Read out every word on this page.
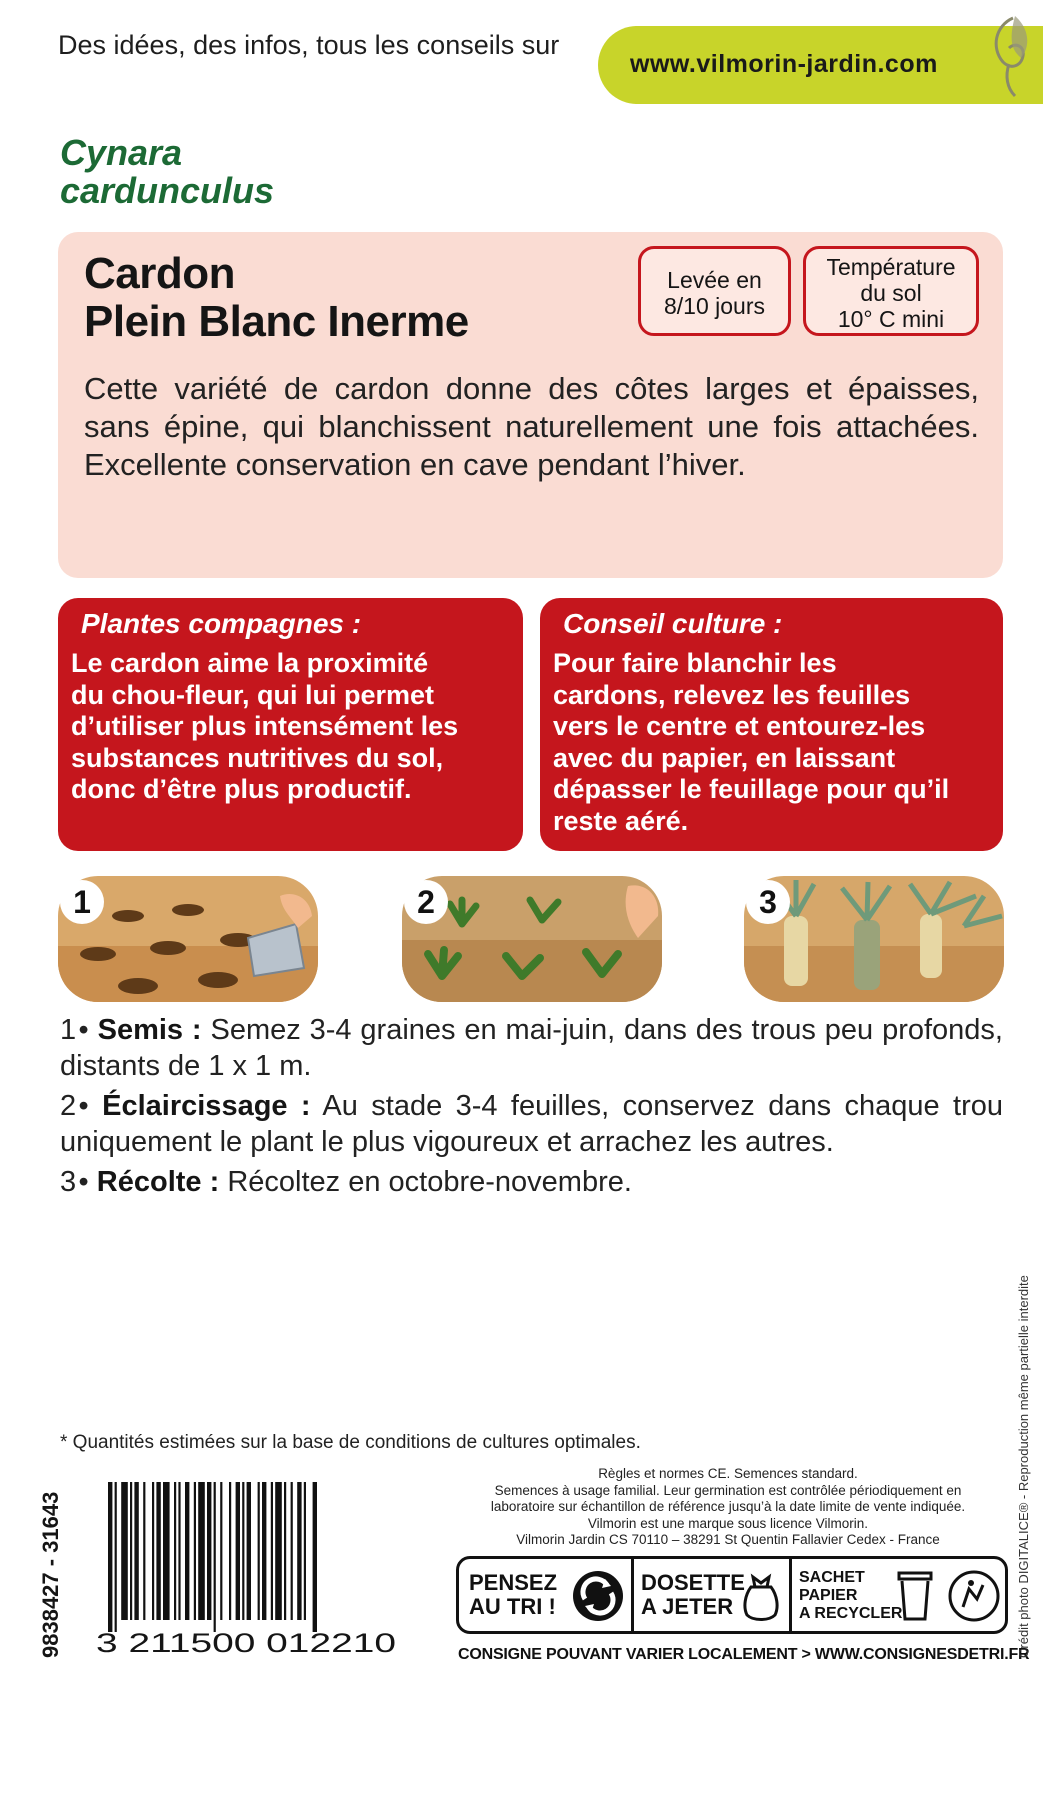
Des idées, des infos, tous les conseils sur
www.vilmorin-jardin.com
Cynara
cardunculus
Cardon
Plein Blanc Inerme
Levée en
8/10 jours
Température
du sol
10° C mini
Cette variété de cardon donne des côtes larges et épaisses, sans épine, qui blanchissent naturellement une fois attachées. Excellente conservation en cave pendant l’hiver.
Plantes compagnes :
Le cardon aime la proximité
du chou-fleur, qui lui permet
d’utiliser plus intensément les
substances nutritives du sol,
donc d’être plus productif.
Conseil culture :
Pour faire blanchir les
cardons, relevez les feuilles
vers le centre et entourez-les
avec du papier, en laissant
dépasser le feuillage pour qu’il
reste aéré.
1	2	3
1 • Semis : Semez 3-4 graines en mai-juin, dans des trous peu profonds, distants de 1 x 1 m.
2 • Éclaircissage : Au stade 3-4 feuilles, conservez dans chaque trou uniquement le plant le plus vigoureux et arrachez les autres.
3 • Récolte : Récoltez en octobre-novembre.
* Quantités estimées sur la base de conditions de cultures optimales.
9838427 - 31643 3 211500 012210
Règles et normes CE. Semences standard.
Semences à usage familial. Leur germination est contrôlée périodiquement en
laboratoire sur échantillon de référence jusqu’à la date limite de vente indiquée.
Vilmorin est une marque sous licence Vilmorin.
Vilmorin Jardin CS 70110 – 38291 St Quentin Fallavier Cedex - France
PENSEZ
AU TRI !
DOSETTE
A JETER
SACHET
PAPIER
A RECYCLER
CONSIGNE POUVANT VARIER LOCALEMENT > WWW.CONSIGNESDETRI.FR
Crédit photo DIGITALICE® - Reproduction même partielle interdite
